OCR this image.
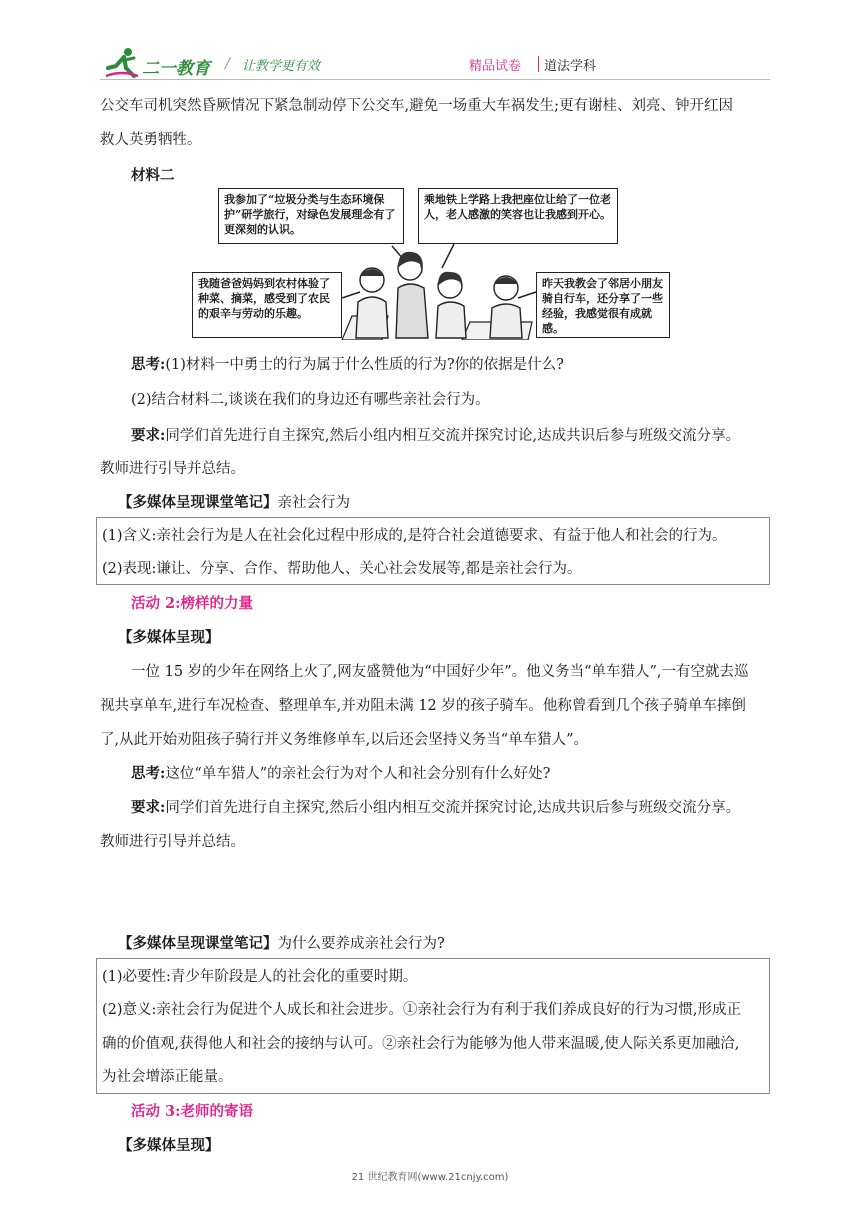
二一教育 / 让教学更有效	精品试卷 道法学科
公交车司机突然昏厥情况下紧急制动停下公交车,避免一场重大车祸发生;更有谢桂、刘亮、钟开红因
救人英勇牺牲。
材料二
我参加了“垃圾分类与生态环境保护”研学旅行，对绿色发展理念有了更深刻的认识。
乘地铁上学路上我把座位让给了一位老人，老人感激的笑容也让我感到开心。
我随爸爸妈妈到农村体验了种菜、摘菜，感受到了农民的艰辛与劳动的乐趣。
昨天我教会了邻居小朋友骑自行车，还分享了一些经验，我感觉很有成就感。
思考:(1)材料一中勇士的行为属于什么性质的行为?你的依据是什么?
(2)结合材料二,谈谈在我们的身边还有哪些亲社会行为。
要求:同学们首先进行自主探究,然后小组内相互交流并探究讨论,达成共识后参与班级交流分享。
教师进行引导并总结。
【多媒体呈现课堂笔记】亲社会行为
(1)含义:亲社会行为是人在社会化过程中形成的,是符合社会道德要求、有益于他人和社会的行为。
(2)表现:谦让、分享、合作、帮助他人、关心社会发展等,都是亲社会行为。
活动 2:榜样的力量
【多媒体呈现】
一位 15 岁的少年在网络上火了,网友盛赞他为“中国好少年”。他义务当“单车猎人”,一有空就去巡
视共享单车,进行车况检查、整理单车,并劝阻未满 12 岁的孩子骑车。他称曾看到几个孩子骑单车摔倒
了,从此开始劝阻孩子骑行并义务维修单车,以后还会坚持义务当“单车猎人”。
思考:这位“单车猎人”的亲社会行为对个人和社会分别有什么好处?
要求:同学们首先进行自主探究,然后小组内相互交流并探究讨论,达成共识后参与班级交流分享。
教师进行引导并总结。
【多媒体呈现课堂笔记】为什么要养成亲社会行为?
(1)必要性:青少年阶段是人的社会化的重要时期。
(2)意义:亲社会行为促进个人成长和社会进步。①亲社会行为有利于我们养成良好的行为习惯,形成正
确的价值观,获得他人和社会的接纳与认可。②亲社会行为能够为他人带来温暖,使人际关系更加融洽,
为社会增添正能量。
活动 3:老师的寄语
【多媒体呈现】
21 世纪教育网(www.21cnjy.com)
